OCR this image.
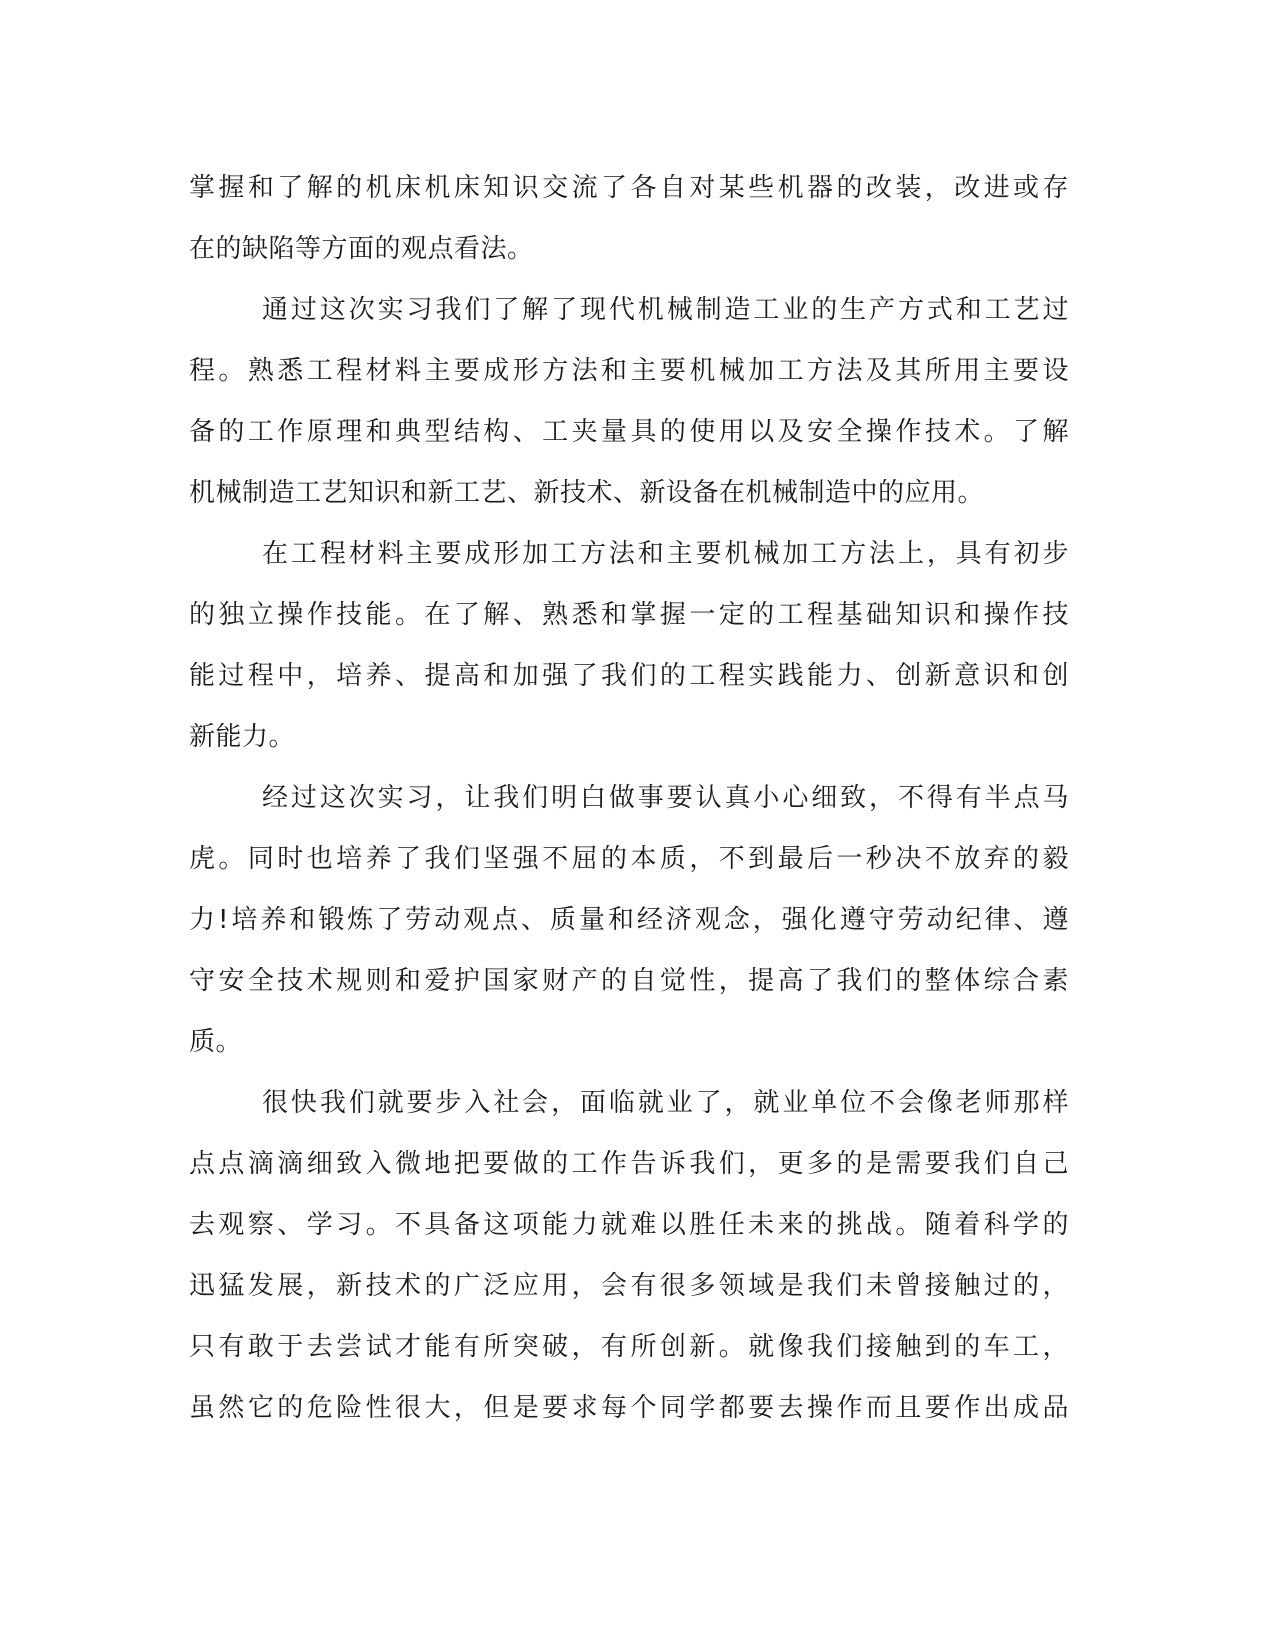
掌握和了解的机床机床知识交流了各自对某些机器的改装，改进或存
在的缺陷等方面的观点看法。
通过这次实习我们了解了现代机械制造工业的生产方式和工艺过
程。熟悉工程材料主要成形方法和主要机械加工方法及其所用主要设
备的工作原理和典型结构、工夹量具的使用以及安全操作技术。了解
机械制造工艺知识和新工艺、新技术、新设备在机械制造中的应用。
在工程材料主要成形加工方法和主要机械加工方法上，具有初步
的独立操作技能。在了解、熟悉和掌握一定的工程基础知识和操作技
能过程中，培养、提高和加强了我们的工程实践能力、创新意识和创
新能力。
经过这次实习，让我们明白做事要认真小心细致，不得有半点马
虎。同时也培养了我们坚强不屈的本质，不到最后一秒决不放弃的毅
力!培养和锻炼了劳动观点、质量和经济观念，强化遵守劳动纪律、遵
守安全技术规则和爱护国家财产的自觉性，提高了我们的整体综合素
质。
很快我们就要步入社会，面临就业了，就业单位不会像老师那样
点点滴滴细致入微地把要做的工作告诉我们，更多的是需要我们自己
去观察、学习。不具备这项能力就难以胜任未来的挑战。随着科学的
迅猛发展，新技术的广泛应用，会有很多领域是我们未曾接触过的，
只有敢于去尝试才能有所突破，有所创新。就像我们接触到的车工，
虽然它的危险性很大，但是要求每个同学都要去操作而且要作出成品
